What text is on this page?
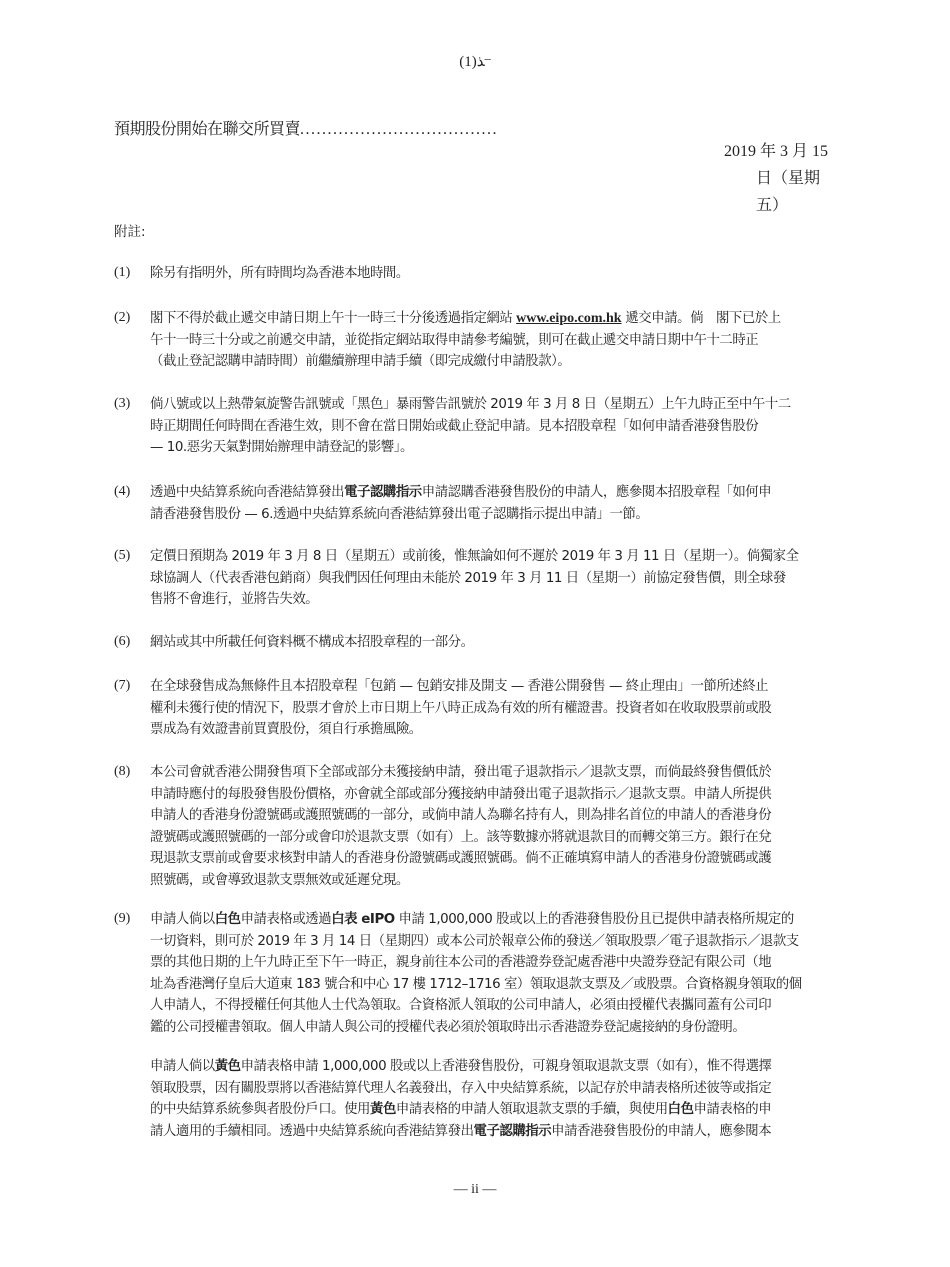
$^{ـــ}$ذ(1)
預期股份開始在聯交所買賣....................................
2019 年 3 月 15
日（星期
五）
附註:
(1) 除另有指明外，所有時間均為香港本地時間。
(2) 閣下不得於截止遞交申請日期上午十一時三十分後透過指定網站 www.eipo.com.hk 遞交申請。倘　閣下已於上
午十一時三十分或之前遞交申請，並從指定網站取得申請參考編號，則可在截止遞交申請日期中午十二時正
（截止登記認購申請時間）前繼續辦理申請手續（即完成繳付申請股款）。
(3) 倘八號或以上熱帶氣旋警告訊號或「黑色」暴雨警告訊號於 2019 年 3 月 8 日（星期五）上午九時正至中午十二
時正期間任何時間在香港生效，則不會在當日開始或截止登記申請。見本招股章程「如何申請香港發售股份
— 10.惡劣天氣對開始辦理申請登記的影響」。
(4) 透過中央結算系統向香港結算發出電子認購指示申請認購香港發售股份的申請人，應參閱本招股章程「如何申
請香港發售股份 — 6.透過中央結算系統向香港結算發出電子認購指示提出申請」一節。
(5) 定價日預期為 2019 年 3 月 8 日（星期五）或前後，惟無論如何不遲於 2019 年 3 月 11 日（星期一）。倘獨家全
球協調人（代表香港包銷商）與我們因任何理由未能於 2019 年 3 月 11 日（星期一）前協定發售價，則全球發
售將不會進行，並將告失效。
(6) 網站或其中所載任何資料概不構成本招股章程的一部分。
(7) 在全球發售成為無條件且本招股章程「包銷 — 包銷安排及開支 — 香港公開發售 — 終止理由」一節所述終止
權利未獲行使的情況下，股票才會於上市日期上午八時正成為有效的所有權證書。投資者如在收取股票前或股
票成為有效證書前買賣股份，須自行承擔風險。
(8) 本公司會就香港公開發售項下全部或部分未獲接納申請，發出電子退款指示／退款支票，而倘最終發售價低於
申請時應付的每股發售股份價格，亦會就全部或部分獲接納申請發出電子退款指示／退款支票。申請人所提供
申請人的香港身份證號碼或護照號碼的一部分，或倘申請人為聯名持有人，則為排名首位的申請人的香港身份
證號碼或護照號碼的一部分或會印於退款支票（如有）上。該等數據亦將就退款目的而轉交第三方。銀行在兌
現退款支票前或會要求核對申請人的香港身份證號碼或護照號碼。倘不正確填寫申請人的香港身份證號碼或護
照號碼，或會導致退款支票無效或延遲兌現。
(9) 申請人倘以白色申請表格或透過白表 eIPO 申請 1,000,000 股或以上的香港發售股份且已提供申請表格所規定的
一切資料，則可於 2019 年 3 月 14 日（星期四）或本公司於報章公佈的發送／領取股票／電子退款指示／退款支
票的其他日期的上午九時正至下午一時正，親身前往本公司的香港證券登記處香港中央證券登記有限公司（地
址為香港灣仔皇后大道東 183 號合和中心 17 樓 1712–1716 室）領取退款支票及／或股票。合資格親身領取的個
人申請人，不得授權任何其他人士代為領取。合資格派人領取的公司申請人，必須由授權代表攜同蓋有公司印
鑑的公司授權書領取。個人申請人與公司的授權代表必須於領取時出示香港證券登記處接納的身份證明。
申請人倘以黃色申請表格申請 1,000,000 股或以上香港發售股份，可親身領取退款支票（如有），惟不得選擇
領取股票，因有關股票將以香港結算代理人名義發出，存入中央結算系統，以記存於申請表格所述彼等或指定
的中央結算系統參與者股份戶口。使用黃色申請表格的申請人領取退款支票的手續，與使用白色申請表格的申
請人適用的手續相同。透過中央結算系統向香港結算發出電子認購指示申請香港發售股份的申請人，應參閱本
— ii —
